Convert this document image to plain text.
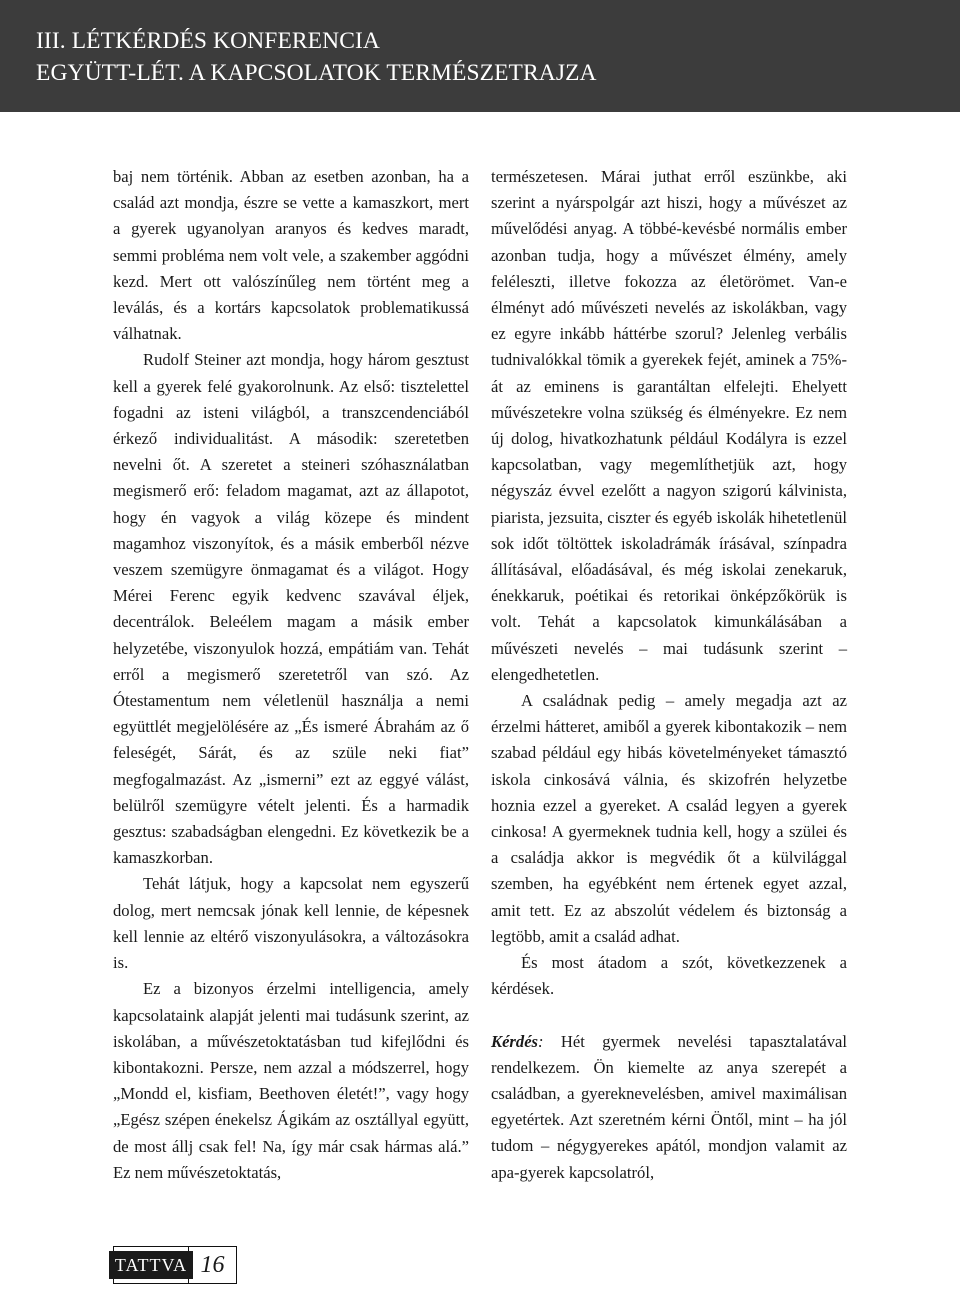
III. LÉTKÉRDÉS KONFERENCIA
EGYÜTT-LÉT. A KAPCSOLATOK TERMÉSZETRAJZA

baj nem történik. Abban az esetben azonban, ha a család azt mondja, észre se vette a kamaszkort, mert a gyerek ugyanolyan aranyos és kedves maradt, semmi probléma nem volt vele, a szakember aggódni kezd. Mert ott valószínűleg nem történt meg a leválás, és a kortárs kapcsolatok problematikussá válhatnak.

Rudolf Steiner azt mondja, hogy három gesztust kell a gyerek felé gyakorolnunk. Az első: tisztelettel fogadni az isteni világból, a transzcendenciából érkező individualitást. A második: szeretetben nevelni őt. A szeretet a steineri szóhasználatban megismerő erő: feladom magamat, azt az állapotot, hogy én vagyok a világ közepe és mindent magamhoz viszonyítok, és a másik emberből nézve veszem szemügyre önmagamat és a világot. Hogy Mérei Ferenc egyik kedvenc szavával éljek, decentrálok. Beleélem magam a másik ember helyzetébe, viszonyulok hozzá, empátiám van. Tehát erről a megismerő szeretetről van szó. Az Ótestamentum nem véletlenül használja a nemi együttlét megjelölésére az „És ismeré Ábrahám az ő feleségét, Sárát, és az szüle neki fiat” megfogalmazást. Az „ismerni” ezt az eggyé válást, belülről szemügyre vételt jelenti. És a harmadik gesztus: szabadságban elengedni. Ez következik be a kamaszkorban.

Tehát látjuk, hogy a kapcsolat nem egyszerű dolog, mert nemcsak jónak kell lennie, de képesnek kell lennie az eltérő viszonyulásokra, a változásokra is.

Ez a bizonyos érzelmi intelligencia, amely kapcsolataink alapját jelenti mai tudásunk szerint, az iskolában, a művészetoktatásban tud kifejlődni és kibontakozni. Persze, nem azzal a módszerrel, hogy „Mondd el, kisfiam, Beethoven életét!”, vagy hogy „Egész szépen énekelsz Ágikám az osztállyal együtt, de most állj csak fel! Na, így már csak hármas alá.” Ez nem művészetoktatás,

természetesen. Márai juthat erről eszünkbe, aki szerint a nyárspolgár azt hiszi, hogy a művészet az művelődési anyag. A többé-kevésbé normális ember azonban tudja, hogy a művészet élmény, amely feléleszti, illetve fokozza az életörömet. Van-e élményt adó művészeti nevelés az iskolákban, vagy ez egyre inkább háttérbe szorul? Jelenleg verbális tudnivalókkal tömik a gyerekek fejét, aminek a 75%-át az eminens is garantáltan elfelejti. Ehelyett művészetekre volna szükség és élményekre. Ez nem új dolog, hivatkozhatunk például Kodályra is ezzel kapcsolatban, vagy megemlíthetjük azt, hogy négyszáz évvel ezelőtt a nagyon szigorú kálvinista, piarista, jezsuita, ciszter és egyéb iskolák hihetetlenül sok időt töltöttek iskoladrámák írásával, színpadra állításával, előadásával, és még iskolai zenekaruk, énekkaruk, poétikai és retorikai önképzőkörük is volt. Tehát a kapcsolatok kimunkálásában a művészeti nevelés – mai tudásunk szerint – elengedhetetlen.

A családnak pedig – amely megadja azt az érzelmi hátteret, amiből a gyerek kibontakozik – nem szabad például egy hibás követelményeket támasztó iskola cinkosává válnia, és skizofrén helyzetbe hoznia ezzel a gyereket. A család legyen a gyerek cinkosa! A gyermeknek tudnia kell, hogy a szülei és a családja akkor is megvédik őt a külvilággal szemben, ha egyébként nem értenek egyet azzal, amit tett. Ez az abszolút védelem és biztonság a legtöbb, amit a család adhat.

És most átadom a szót, következzenek a kérdések.

Kérdés: Hét gyermek nevelési tapasztalatával rendelkezem. Ön kiemelte az anya szerepét a családban, a gyereknevelésben, amivel maximálisan egyetértek. Azt szeretném kérni Öntől, mint – ha jól tudom – négygyerekes apától, mondjon valamit az apa-gyerek kapcsolatról,

TATTVA 16
